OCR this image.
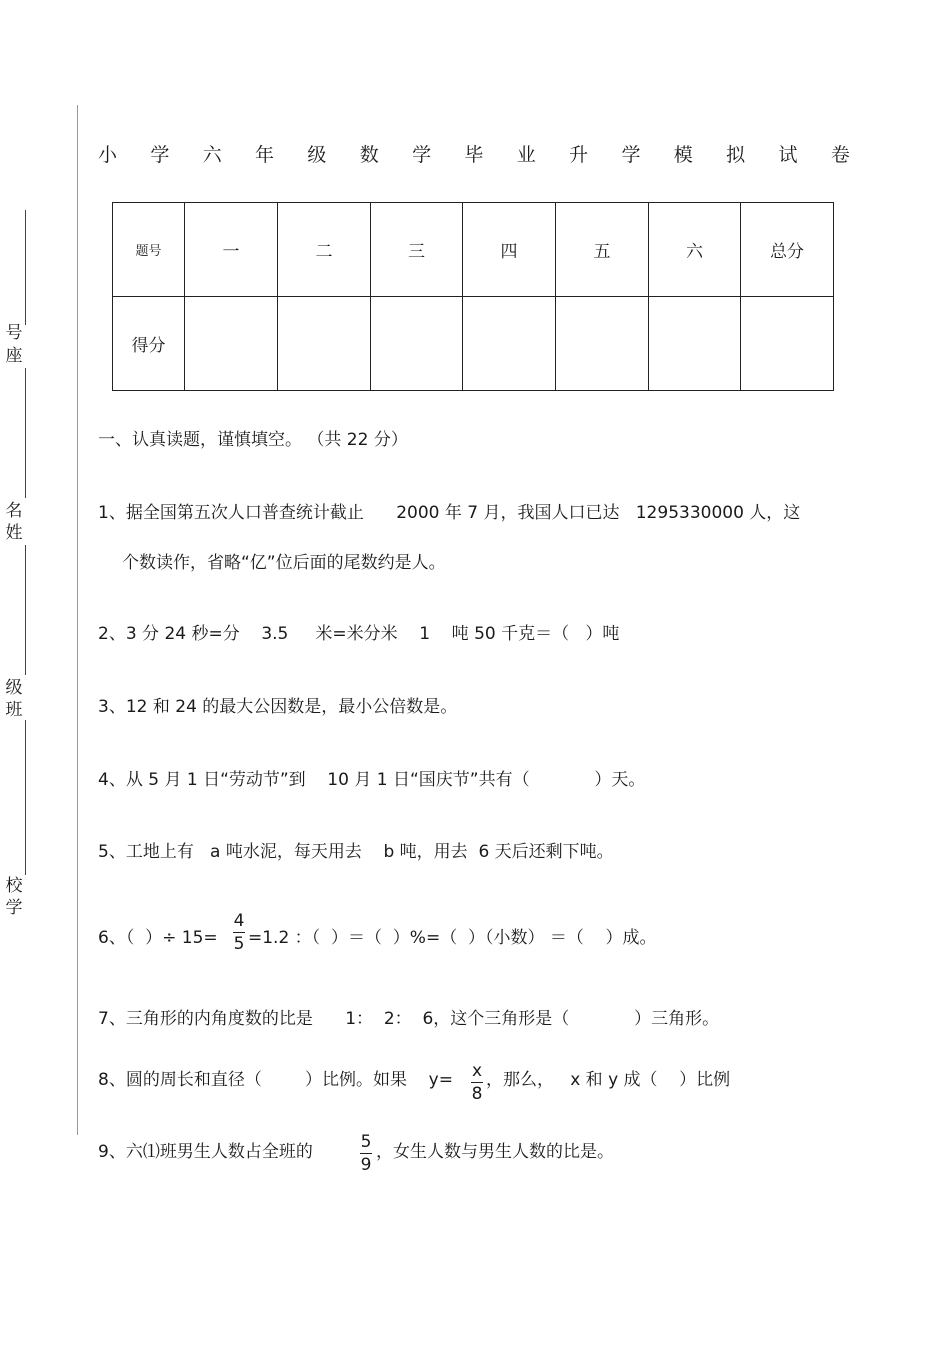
号
座
名
姓
级
班
校
学
小 学 六 年 级 数 学 毕 业 升 学 模 拟 试 卷
题号	一	二	三	四	五	六	总分
得分							
一、认真读题，谨慎填空。 （共 22 分）
1、据全国第五次人口普查统计截止      2000 年 7 月，我国人口已达   1295330000 人，这
个数读作，省略“亿”位后面的尾数约是人。
2、3 分 24 秒=分    3.5     米=米分米    1    吨 50 千克＝（   ）吨
3、12 和 24 的最大公因数是，最小公倍数是。
4、从 5 月 1 日“劳动节”到    10 月 1 日“国庆节”共有（            ）天。
5、工地上有   a 吨水泥，每天用去    b 吨，用去  6 天后还剩下吨。
6、（  ）÷ 15=
4
5 =1.2 ：（  ）＝（  ）%=（  ）（小数） ＝（    ）成。
7、三角形的内角度数的比是      1：  2：  6，这个三角形是（            ）三角形。
8、圆的周长和直径（        ）比例。如果    y= x
8
，那么，   x 和 y 成（    ）比例
9、六⑴班男生人数占全班的	5
9
，女生人数与男生人数的比是。
